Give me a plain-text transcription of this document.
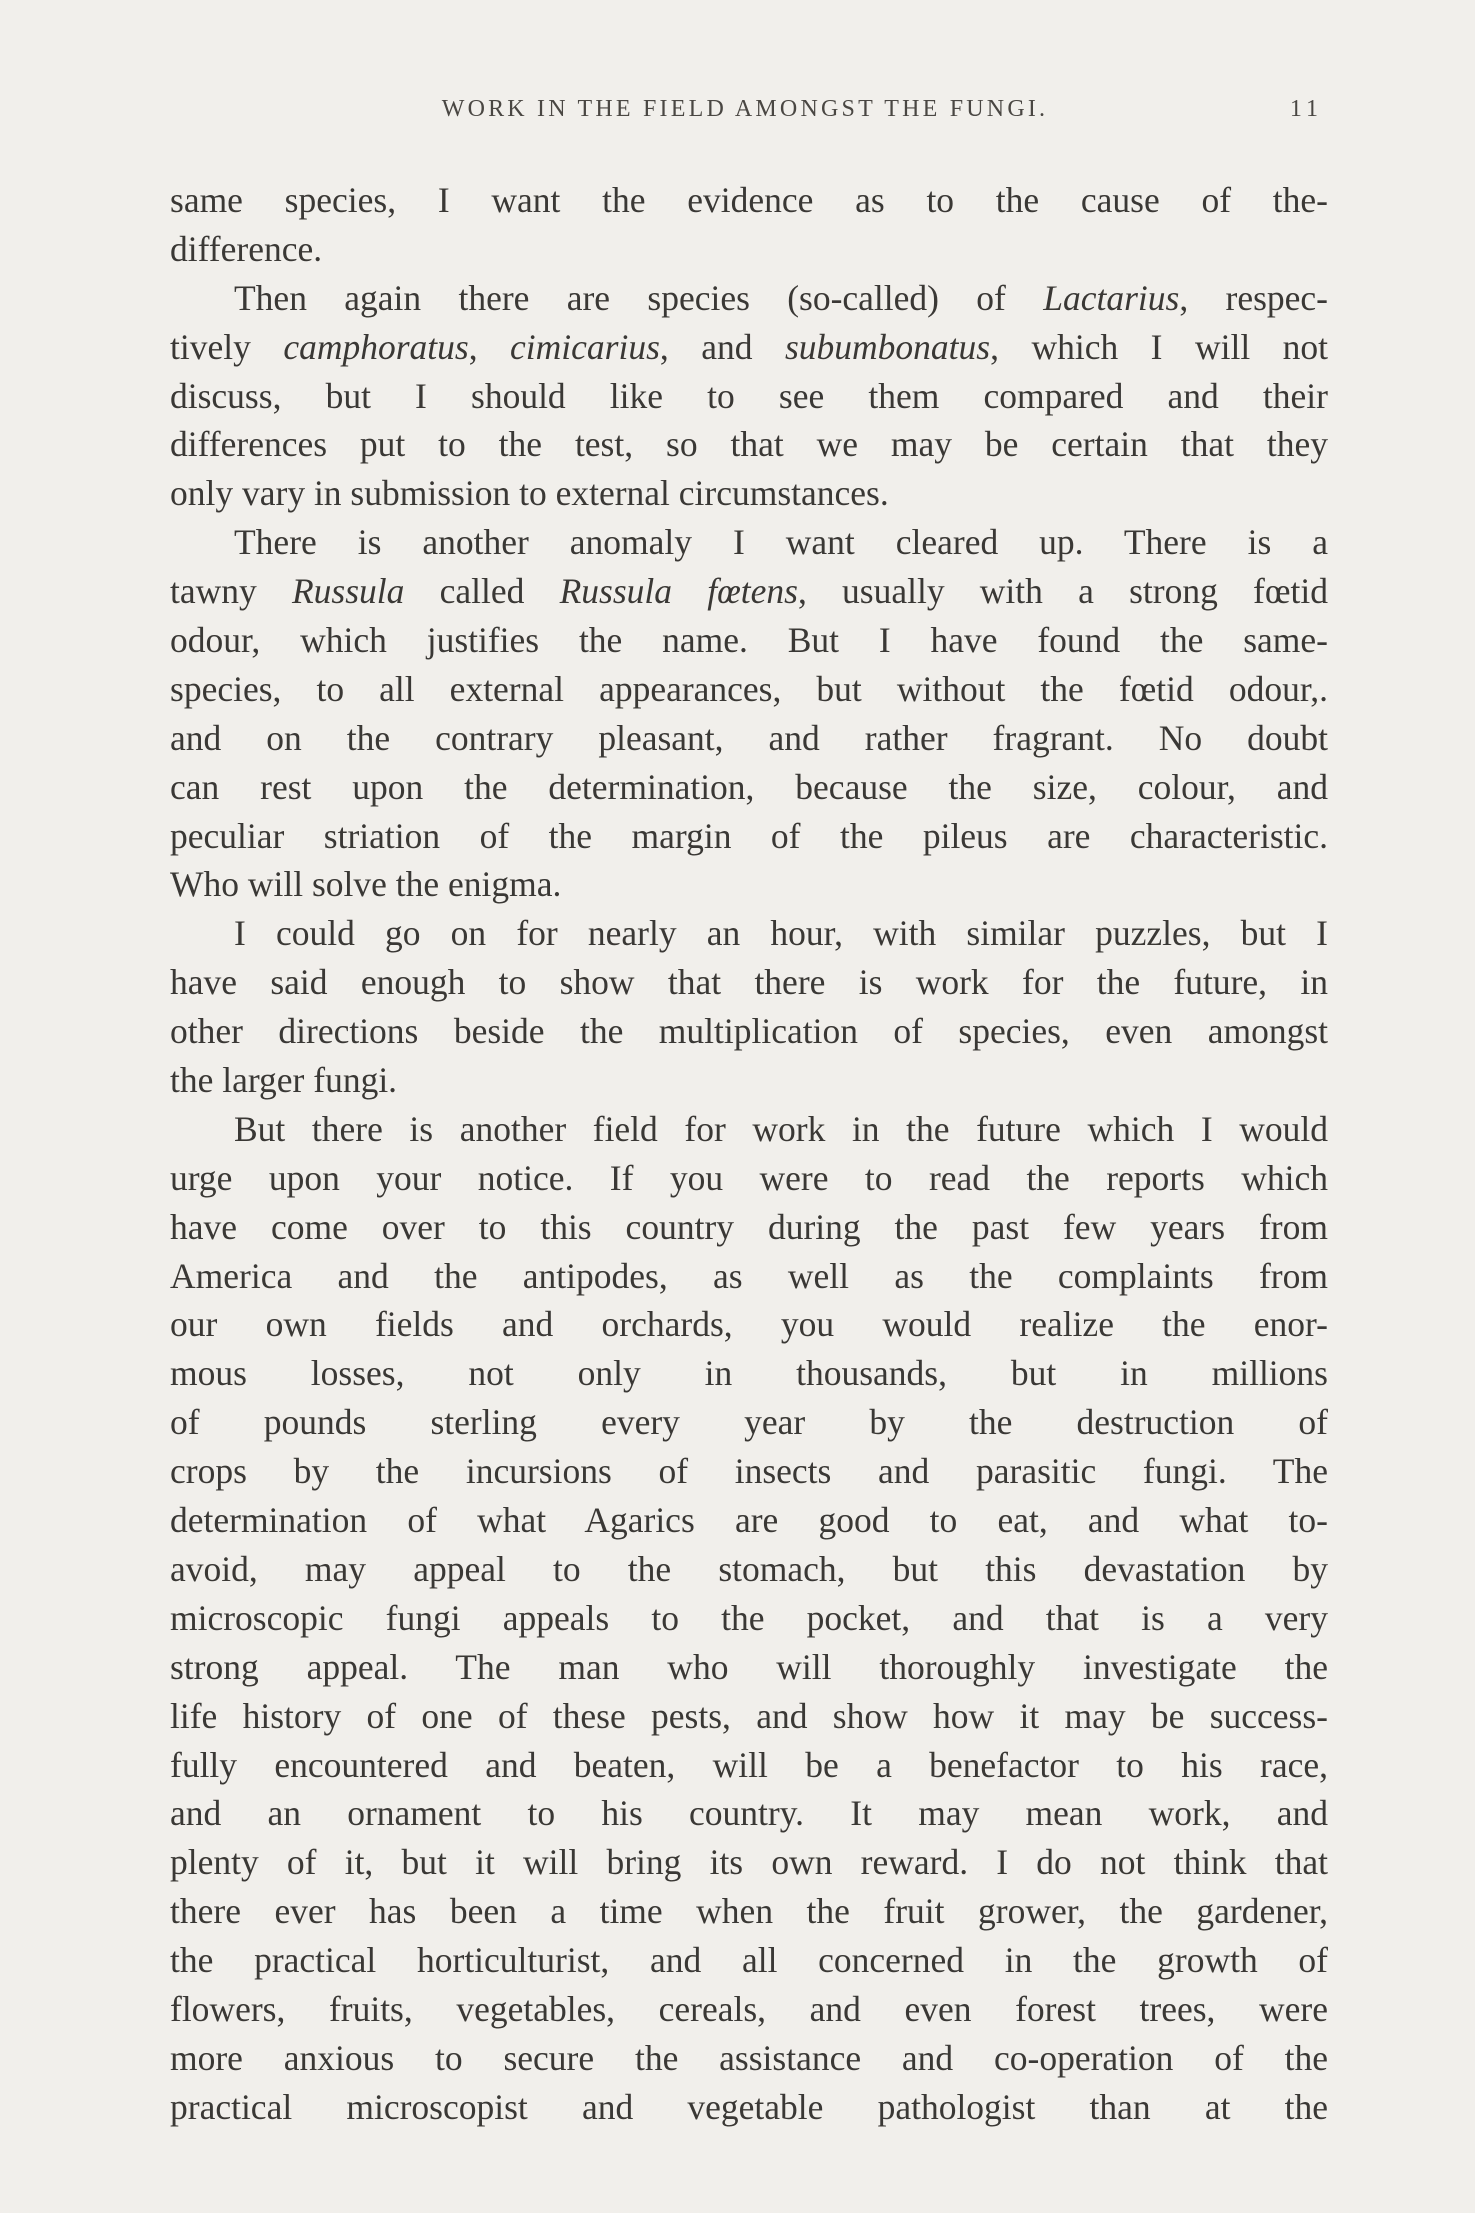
WORK IN THE FIELD AMONGST THE FUNGI.	11
same species, I want the evidence as to the cause of the-
difference.
Then again there are species (so-called) of Lactarius, respec-
tively camphoratus, cimicarius, and subumbonatus, which I will not
discuss, but I should like to see them compared and their
differences put to the test, so that we may be certain that they
only vary in submission to external circumstances.
There is another anomaly I want cleared up. There is a
tawny Russula called Russula fœtens, usually with a strong fœtid
odour, which justifies the name. But I have found the same-
species, to all external appearances, but without the fœtid odour,.
and on the contrary pleasant, and rather fragrant. No doubt
can rest upon the determination, because the size, colour, and
peculiar striation of the margin of the pileus are characteristic.
Who will solve the enigma.
I could go on for nearly an hour, with similar puzzles, but I
have said enough to show that there is work for the future, in
other directions beside the multiplication of species, even amongst
the larger fungi.
But there is another field for work in the future which I would
urge upon your notice. If you were to read the reports which
have come over to this country during the past few years from
America and the antipodes, as well as the complaints from
our own fields and orchards, you would realize the enor-
mous losses, not only in thousands, but in millions
of pounds sterling every year by the destruction of
crops by the incursions of insects and parasitic fungi. The
determination of what Agarics are good to eat, and what to-
avoid, may appeal to the stomach, but this devastation by
microscopic fungi appeals to the pocket, and that is a very
strong appeal. The man who will thoroughly investigate the
life history of one of these pests, and show how it may be success-
fully encountered and beaten, will be a benefactor to his race,
and an ornament to his country. It may mean work, and
plenty of it, but it will bring its own reward. I do not think that
there ever has been a time when the fruit grower, the gardener,
the practical horticulturist, and all concerned in the growth of
flowers, fruits, vegetables, cereals, and even forest trees, were
more anxious to secure the assistance and co-operation of the
practical microscopist and vegetable pathologist than at the
